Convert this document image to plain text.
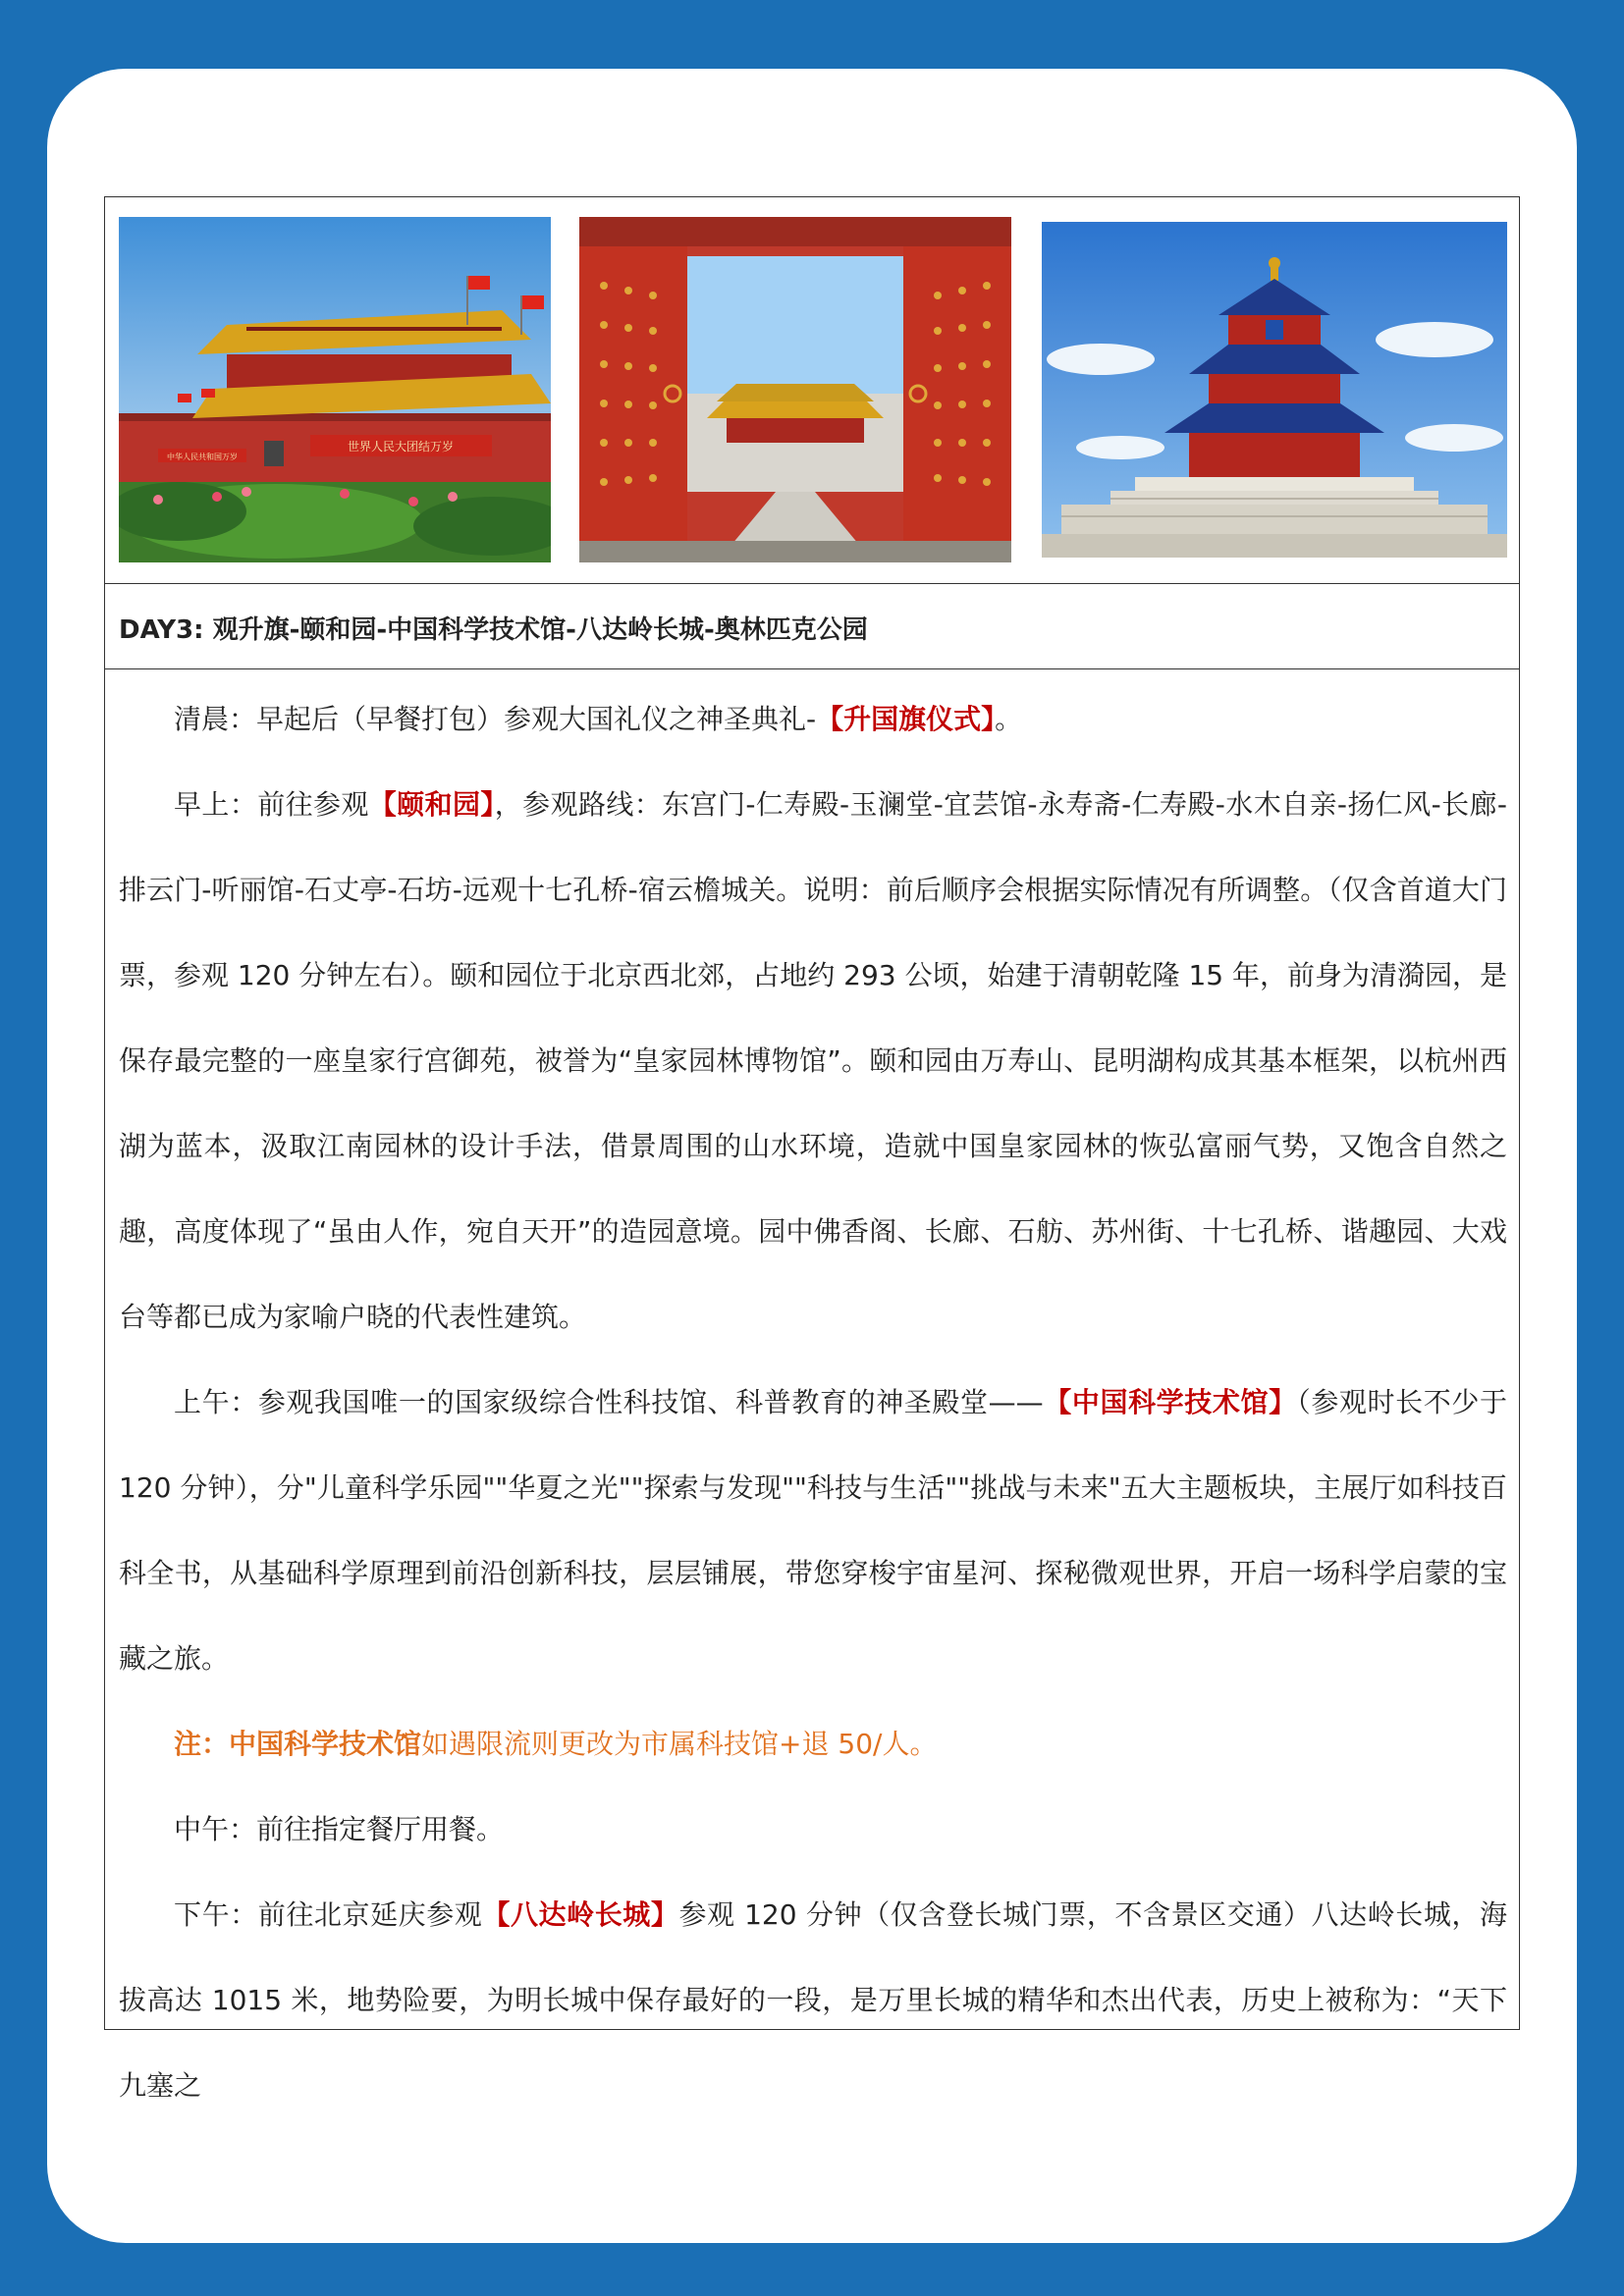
世界人民大团结万岁
中华人民共和国万岁
DAY3: 观升旗-颐和园-中国科学技术馆-八达岭长城-奥林匹克公园

清晨：早起后（早餐打包）参观大国礼仪之神圣典礼-【升国旗仪式】。

早上：前往参观【颐和园】，参观路线：东宫门-仁寿殿-玉澜堂-宜芸馆-永寿斋-仁寿殿-水木自亲-扬仁风-长廊-排云门-听丽馆-石丈亭-石坊-远观十七孔桥-宿云檐城关。说明：前后顺序会根据实际情况有所调整。（仅含首道大门票，参观 120 分钟左右）。颐和园位于北京西北郊，占地约 293 公顷，始建于清朝乾隆 15 年，前身为清漪园，是保存最完整的一座皇家行宫御苑，被誉为“皇家园林博物馆”。颐和园由万寿山、昆明湖构成其基本框架，以杭州西湖为蓝本，汲取江南园林的设计手法，借景周围的山水环境，造就中国皇家园林的恢弘富丽气势，又饱含自然之趣，高度体现了“虽由人作，宛自天开”的造园意境。园中佛香阁、长廊、石舫、苏州街、十七孔桥、谐趣园、大戏台等都已成为家喻户晓的代表性建筑。

上午：参观我国唯一的国家级综合性科技馆、科普教育的神圣殿堂——【中国科学技术馆】（参观时长不少于 120 分钟），分"儿童科学乐园""华夏之光""探索与发现""科技与生活""挑战与未来"五大主题板块，主展厅如科技百科全书，从基础科学原理到前沿创新科技，层层铺展，带您穿梭宇宙星河、探秘微观世界，开启一场科学启蒙的宝藏之旅。

注：中国科学技术馆如遇限流则更改为市属科技馆+退 50/人。

中午：前往指定餐厅用餐。

下午：前往北京延庆参观【八达岭长城】参观 120 分钟（仅含登长城门票，不含景区交通）八达岭长城，海拔高达 1015 米，地势险要，为明长城中保存最好的一段，是万里长城的精华和杰出代表，历史上被称为：“天下九塞之
